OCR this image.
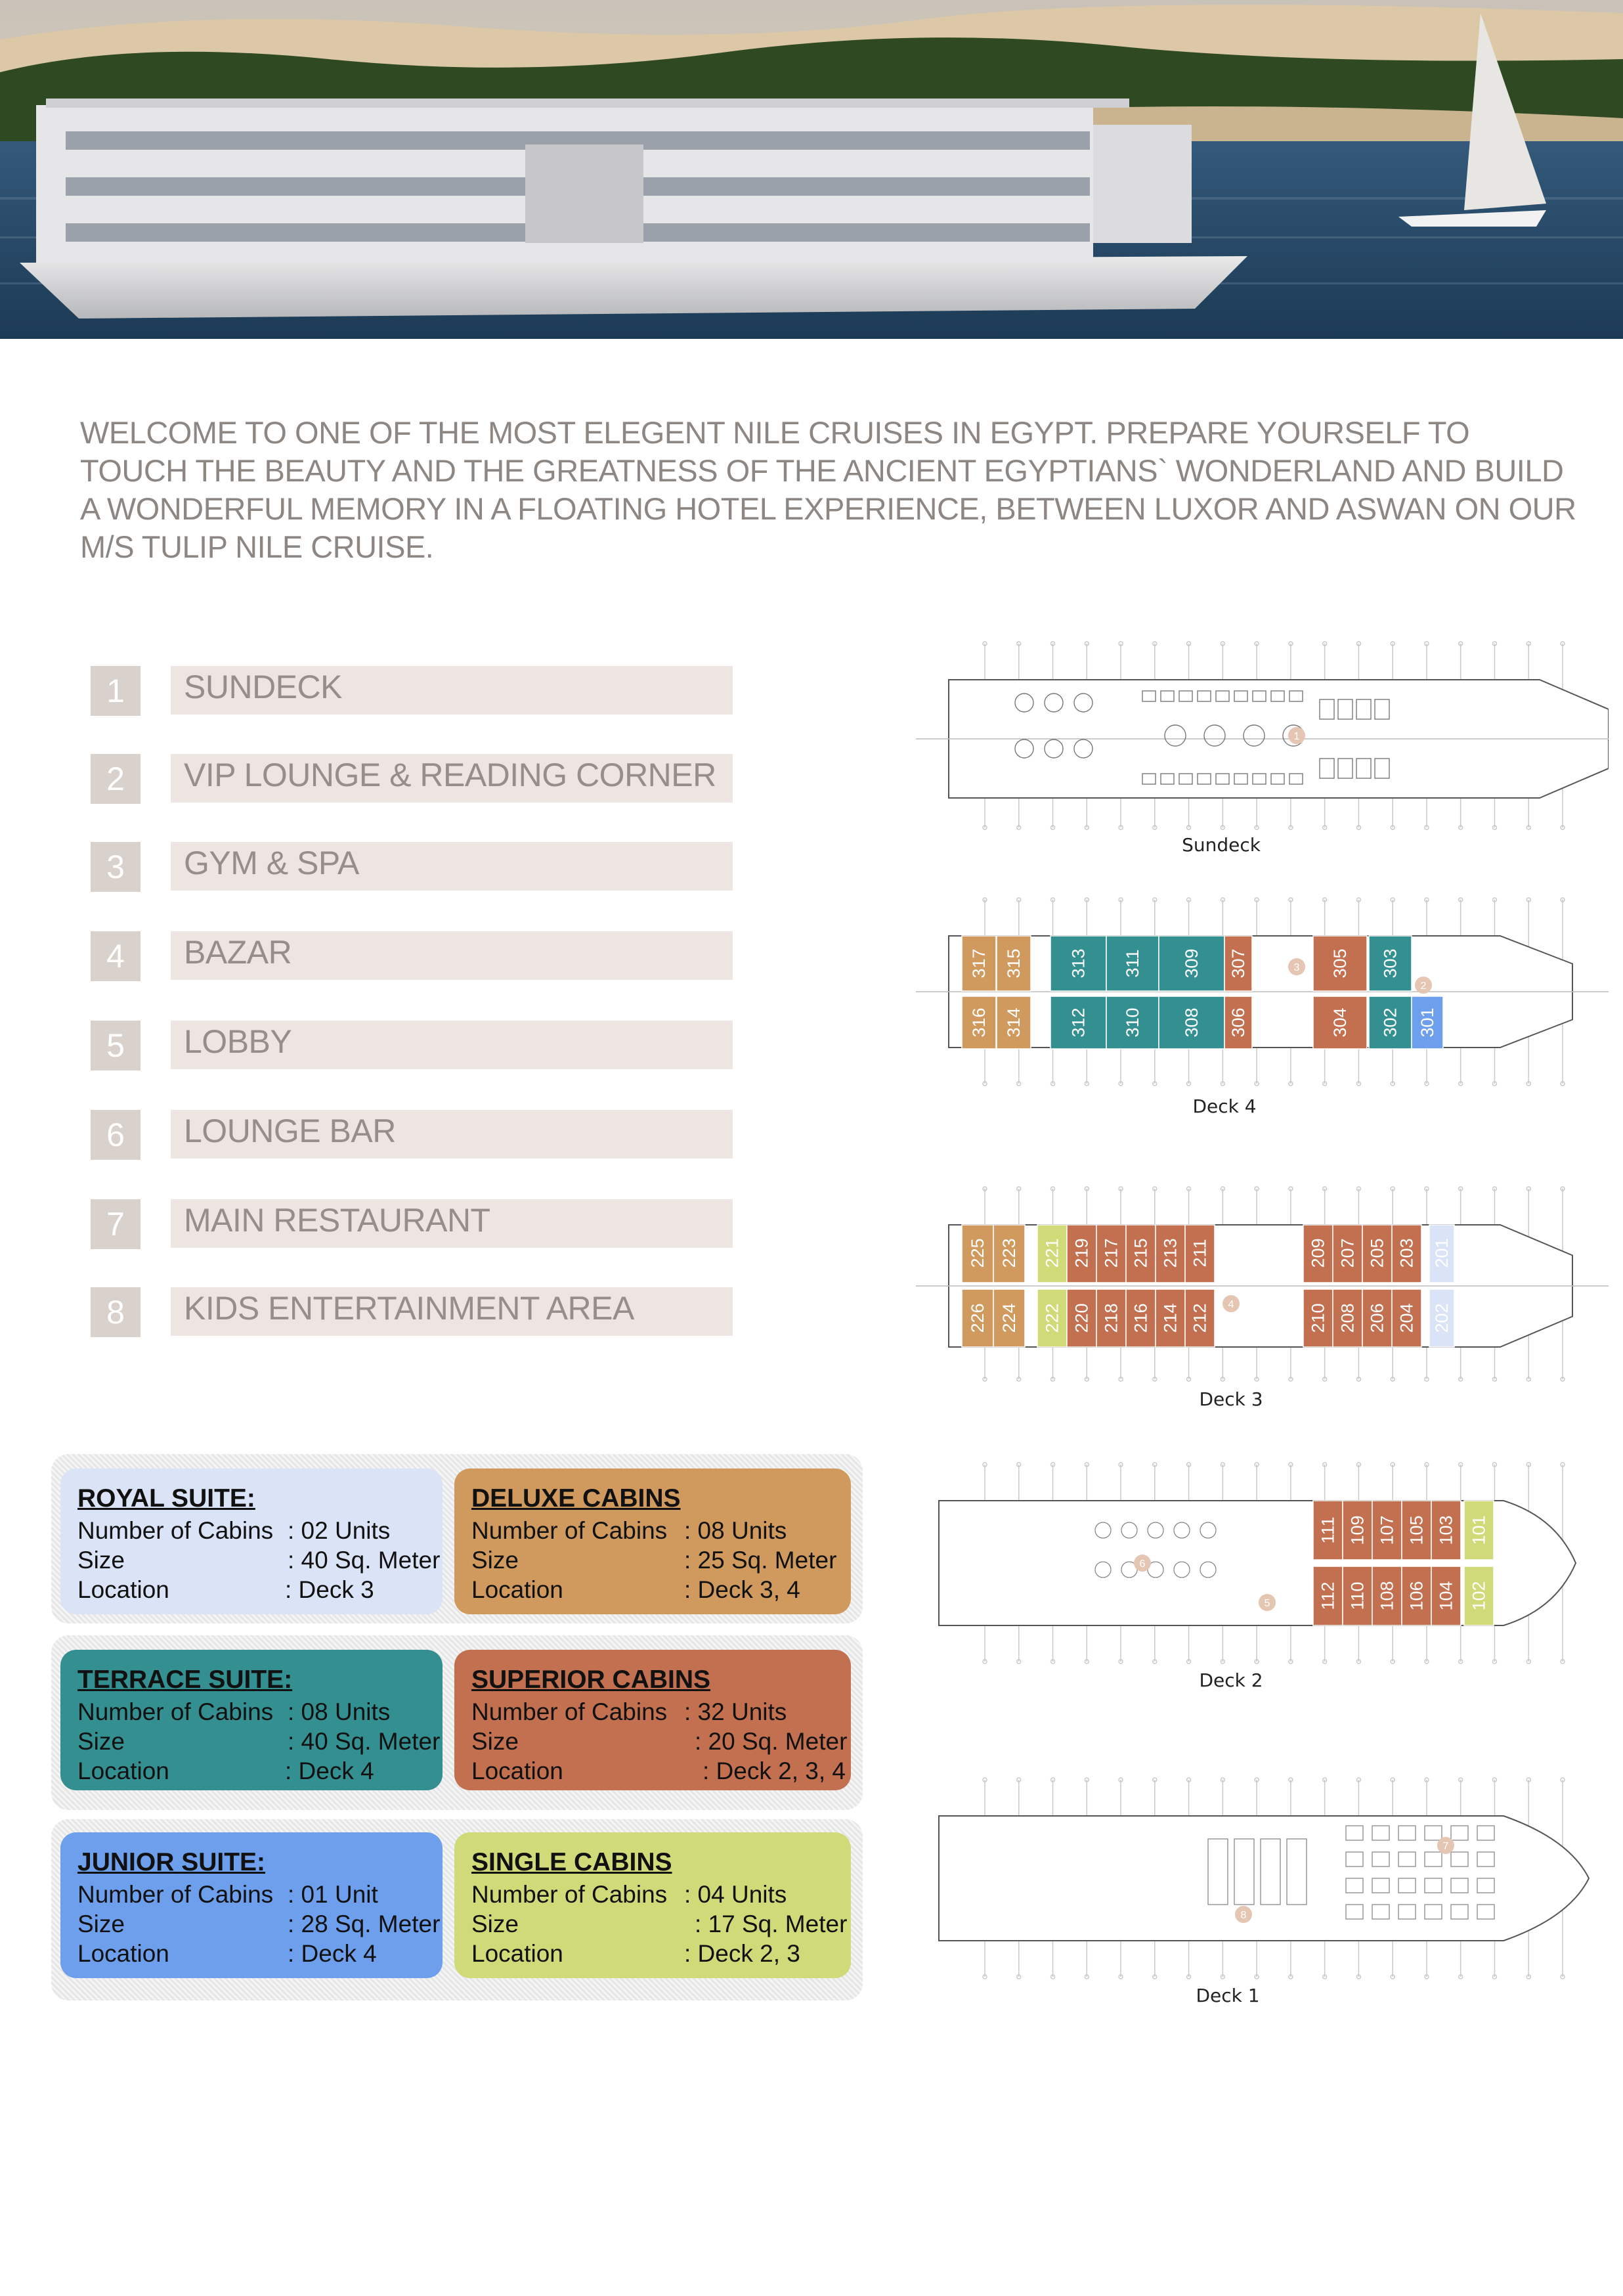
WELCOME TO ONE OF THE MOST ELEGENT NILE CRUISES IN EGYPT. PREPARE YOURSELF TO TOUCH THE BEAUTY AND THE GREATNESS OF THE ANCIENT EGYPTIANS` WONDERLAND AND BUILD A WONDERFUL MEMORY IN A FLOATING HOTEL EXPERIENCE, BETWEEN LUXOR AND ASWAN ON OUR M/S TULIP NILE CRUISE.
1	SUNDECK
2	VIP LOUNGE & READING CORNER
3	GYM & SPA
4	BAZAR
5	LOBBY
6	LOUNGE BAR
7	MAIN RESTAURANT
8	KIDS ENTERTAINMENT AREA
1
Sundeck
317 315	313 311 309 307	305 303
316 314	312 310 308 306	304 302 301
3
2
Deck 4
225 223 221 219 217 215 213 211	209 207 205 203 201
226 224 222 220 218 216 214 212	210 208 206 204 202
4
Deck 3
111 109 107 105 103 101
112 110 108 106 104 102
6
5
Deck 2
7
8
Deck 1
ROYAL SUITE:
Number of Cabins : 02 Units
Size	: 40 Sq. Meter
Location	: Deck 3
DELUXE CABINS
Number of Cabins : 08 Units
Size	: 25 Sq. Meter
Location	: Deck 3, 4
TERRACE SUITE:
Number of Cabins : 08 Units
Size	: 40 Sq. Meter
Location	: Deck 4
SUPERIOR CABINS
Number of Cabins : 32 Units
Size	: 20 Sq. Meter
Location	: Deck 2, 3, 4
JUNIOR SUITE:
Number of Cabins : 01 Unit
Size	: 28 Sq. Meter
Location	: Deck 4
SINGLE CABINS
Number of Cabins : 04 Units
Size	: 17 Sq. Meter
Location	: Deck 2, 3
